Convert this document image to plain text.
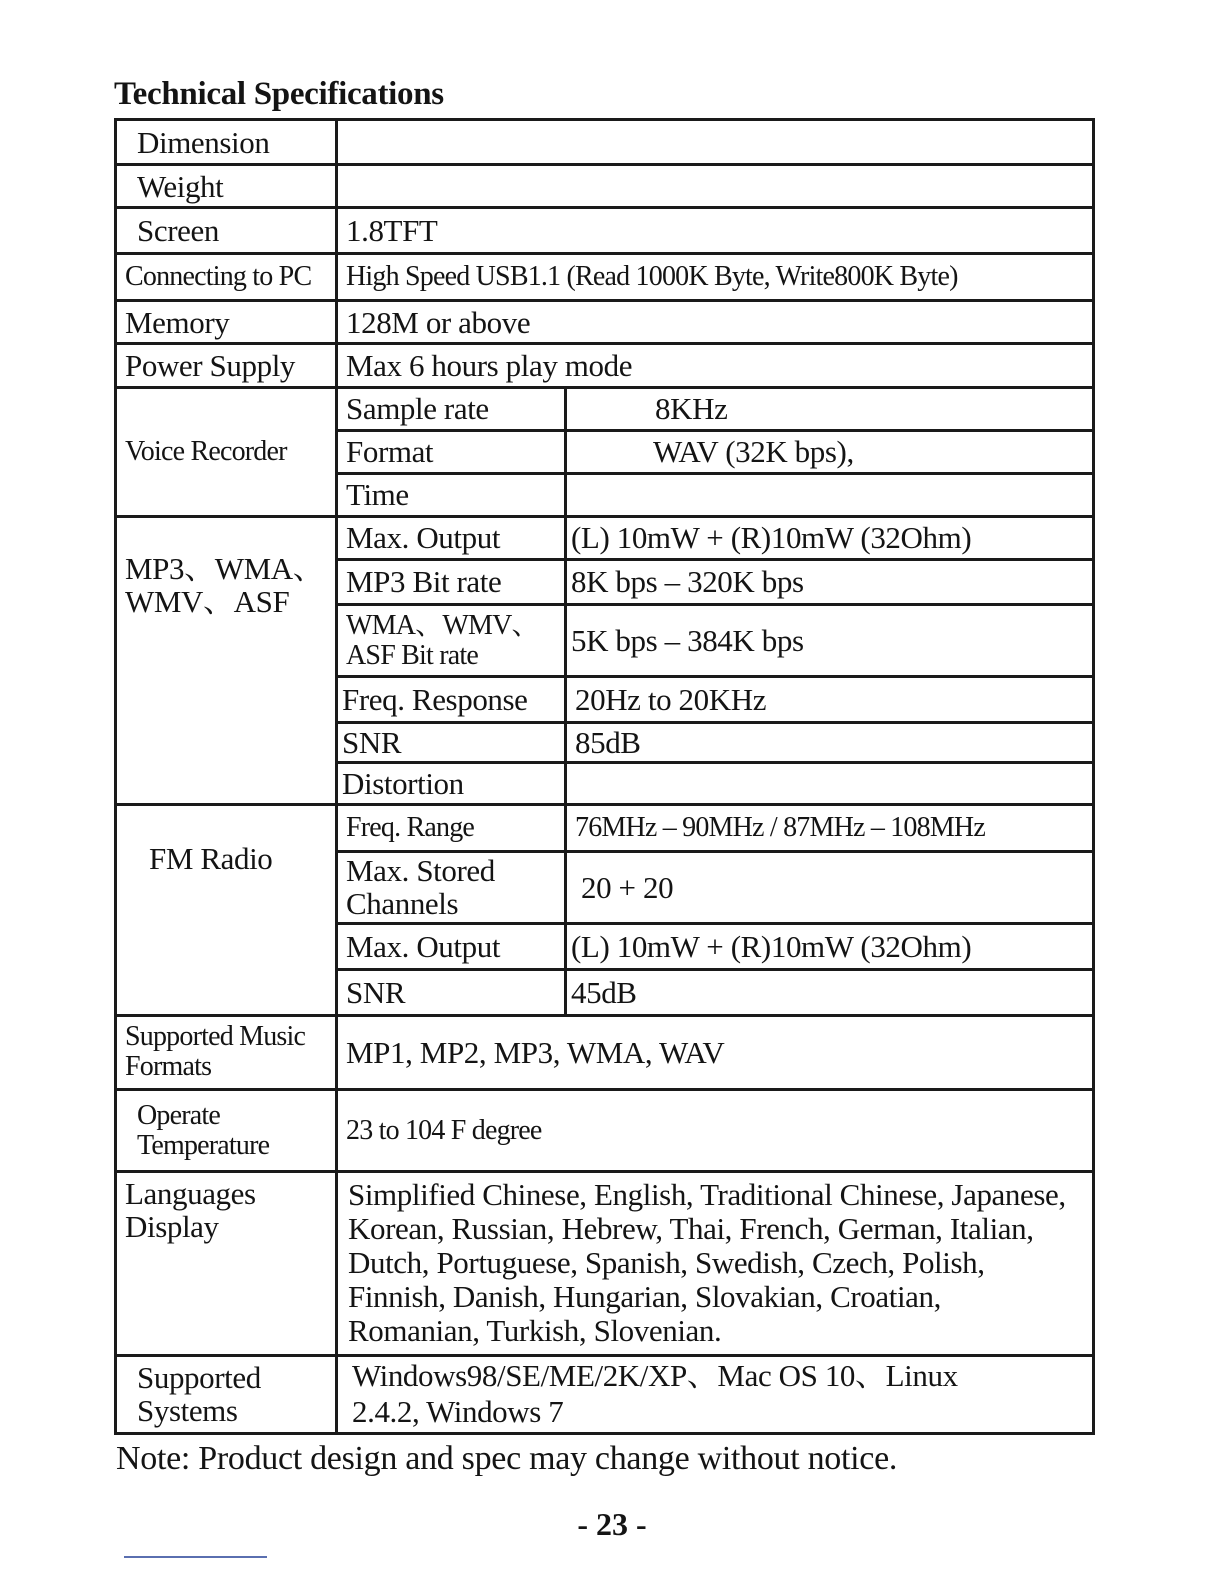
Technical Specifications
Dimension		
Weight		
Screen	1.8TFT	
Connecting to PC	High Speed USB1.1 (Read 1000K Byte, Write800K Byte)	
Memory	128M or above	
Power Supply	Max 6 hours play mode	
Voice Recorder	Sample rate	8KHz
	Format	WAV (32K bps),
	Time	
MP3、WMA、WMV、ASF	Max. Output	(L) 10mW + (R)10mW (32Ohm)
	MP3 Bit rate	8K bps – 320K bps
	WMA、WMV、ASF Bit rate	5K bps – 384K bps
	Freq. Response	20Hz to 20KHz
	SNR	85dB
	Distortion	
FM Radio	Freq. Range	76MHz – 90MHz / 87MHz – 108MHz
	Max. Stored Channels	20 + 20
	Max. Output	(L) 10mW + (R)10mW (32Ohm)
	SNR	45dB
Supported Music Formats	MP1, MP2, MP3, WMA, WAV	
Operate Temperature	23 to 104 F degree	
Languages Display	Simplified Chinese, English, Traditional Chinese, Japanese, Korean, Russian, Hebrew, Thai, French, German, Italian, Dutch, Portuguese, Spanish, Swedish, Czech, Polish, Finnish, Danish, Hungarian, Slovakian, Croatian, Romanian, Turkish, Slovenian.	
Supported Systems	Windows98/SE/ME/2K/XP、Mac OS 10、Linux 2.4.2, Windows 7	
Note: Product design and spec may change without notice.
- 23 -
